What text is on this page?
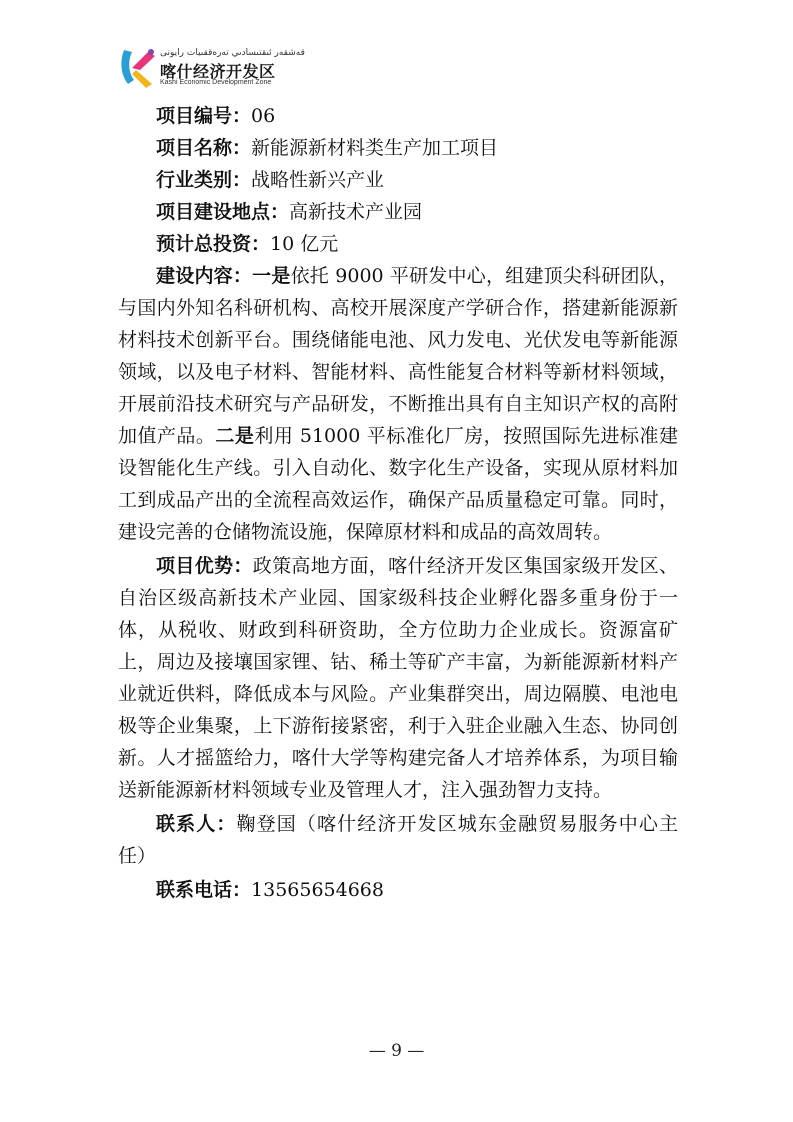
قەشقەر ئىقتىسادىي تەرەققىيات رايونى
喀什经济开发区
Kashi Economic Development Zone

项目编号：06

项目名称：新能源新材料类生产加工项目

行业类别：战略性新兴产业

项目建设地点：高新技术产业园

预计总投资：10 亿元

建设内容：一是依托 9000 平研发中心，组建顶尖科研团队，与国内外知名科研机构、高校开展深度产学研合作，搭建新能源新材料技术创新平台。围绕储能电池、风力发电、光伏发电等新能源领域，以及电子材料、智能材料、高性能复合材料等新材料领域，开展前沿技术研究与产品研发，不断推出具有自主知识产权的高附加值产品。二是利用 51000 平标准化厂房，按照国际先进标准建设智能化生产线。引入自动化、数字化生产设备，实现从原材料加工到成品产出的全流程高效运作，确保产品质量稳定可靠。同时，建设完善的仓储物流设施，保障原材料和成品的高效周转。

项目优势：政策高地方面，喀什经济开发区集国家级开发区、自治区级高新技术产业园、国家级科技企业孵化器多重身份于一体，从税收、财政到科研资助，全方位助力企业成长。资源富矿上，周边及接壤国家锂、钴、稀土等矿产丰富，为新能源新材料产业就近供料，降低成本与风险。产业集群突出，周边隔膜、电池电极等企业集聚，上下游衔接紧密，利于入驻企业融入生态、协同创新。人才摇篮给力，喀什大学等构建完备人才培养体系，为项目输送新能源新材料领域专业及管理人才，注入强劲智力支持。

联系人：鞠登国（喀什经济开发区城东金融贸易服务中心主任）

联系电话：13565654668

— 9 —
